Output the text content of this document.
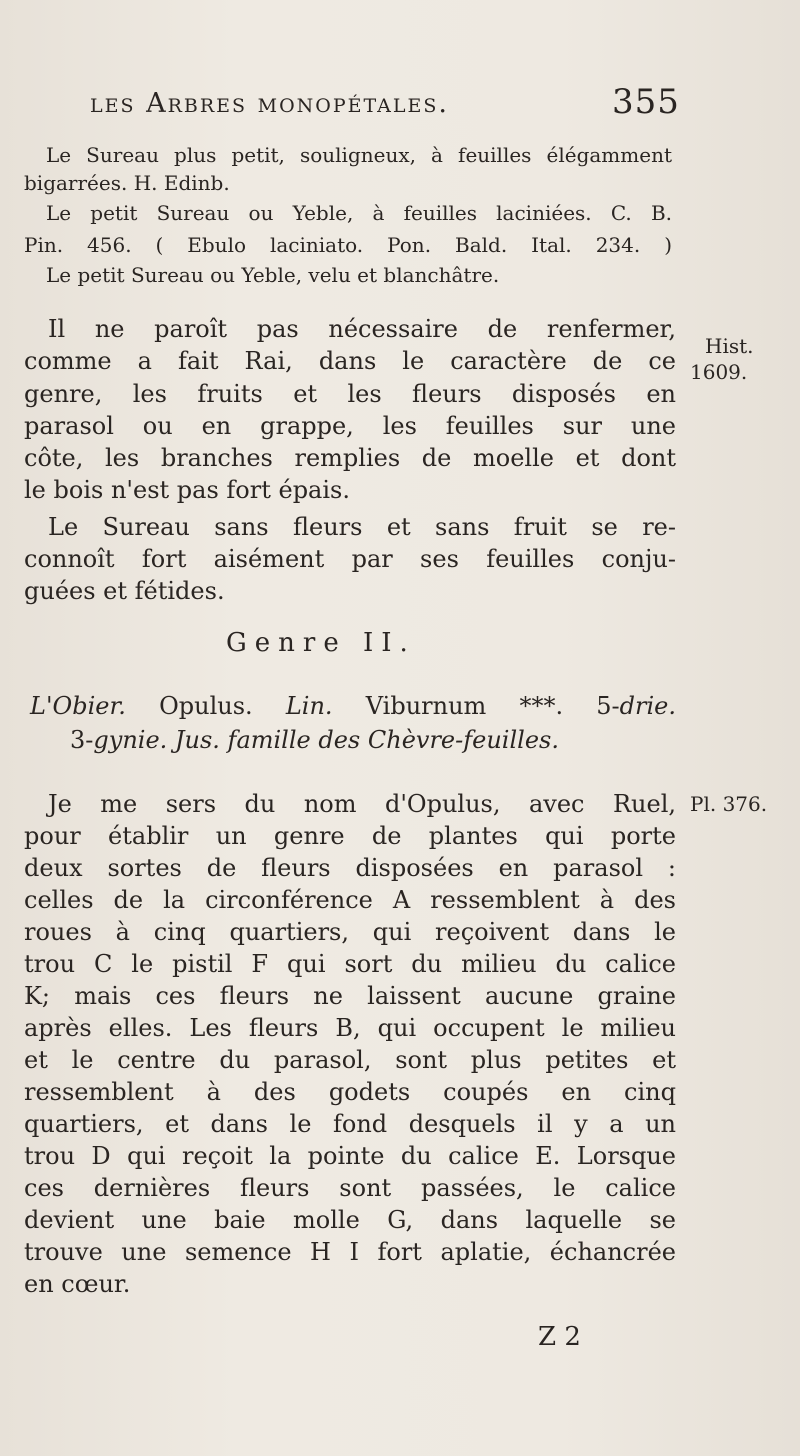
les Arbres monopétales.	355
Le Sureau plus petit, souligneux, à feuilles élégamment
bigarrées. H. Edinb.
Le petit Sureau ou Yeble, à feuilles laciniées. C. B.
Pin. 456. ( Ebulo laciniato. Pon. Bald. Ital. 234. )
Le petit Sureau ou Yeble, velu et blanchâtre.
Il ne paroît pas nécessaire de renfermer,
comme a fait Rai, dans le caractère de ce
genre, les fruits et les fleurs disposés en
parasol ou en grappe, les feuilles sur une
côte, les branches remplies de moelle et dont
le bois n'est pas fort épais.
Hist.
1609.
Le Sureau sans fleurs et sans fruit se re-
connoît fort aisément par ses feuilles conju-
guées et fétides.
Genre II.
L'Obier. Opulus. Lin. Viburnum ***. 5-drie.
3-gynie. Jus. famille des Chèvre-feuilles.
Je me sers du nom d'Opulus, avec Ruel, Pl. 376.
pour établir un genre de plantes qui porte
deux sortes de fleurs disposées en parasol :
celles de la circonférence A ressemblent à des
roues à cinq quartiers, qui reçoivent dans le
trou C le pistil F qui sort du milieu du calice
K; mais ces fleurs ne laissent aucune graine
après elles. Les fleurs B, qui occupent le milieu
et le centre du parasol, sont plus petites et
ressemblent à des godets coupés en cinq
quartiers, et dans le fond desquels il y a un
trou D qui reçoit la pointe du calice E. Lorsque
ces dernières fleurs sont passées, le calice
devient une baie molle G, dans laquelle se
trouve une semence H I fort aplatie, échancrée
en cœur.
Z 2
